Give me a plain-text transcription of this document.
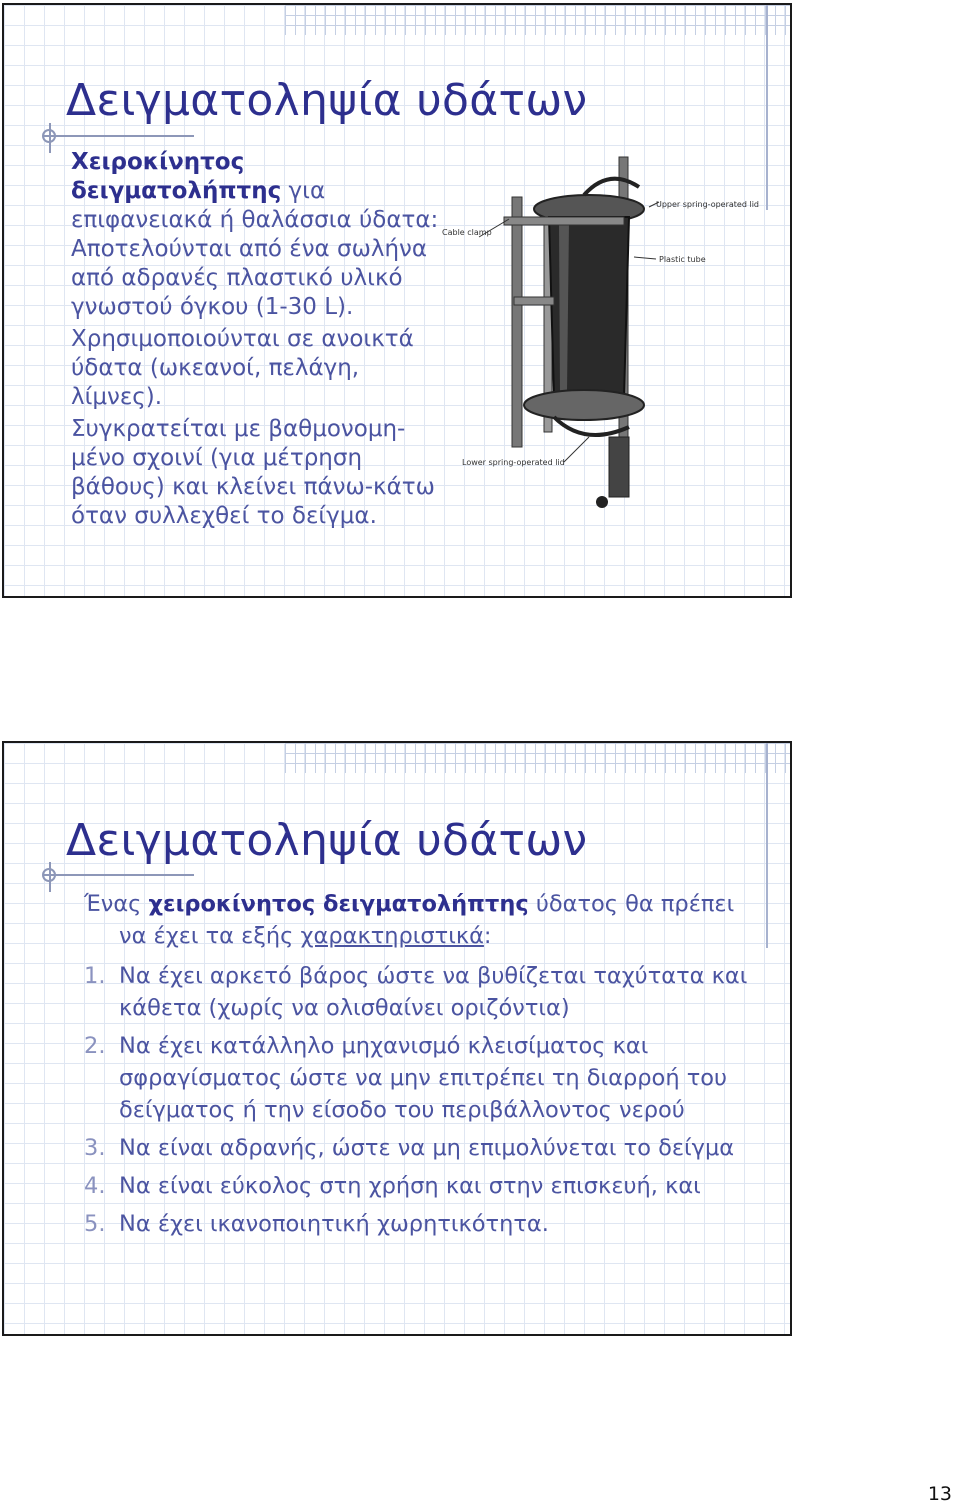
Δειγματοληψία υδάτων

Χειροκίνητος δειγματολήπτης για επιφανειακά ή θαλάσσια ύδατα: Αποτελούνται από ένα σωλήνα από αδρανές πλαστικό υλικό γνωστού όγκου (1-30 L).

Χρησιμοποιούνται σε ανοικτά ύδατα (ωκεανοί, πελάγη, λίμνες).

Συγκρατείται με βαθμονομη-μένο σχοινί (για μέτρηση βάθους) και κλείνει πάνω-κάτω όταν συλλεχθεί το δείγμα.

Cable clamp
Upper spring-operated lid
Plastic tube
Lower spring-operated lid
Δειγματοληψία υδάτων

Ένας χειροκίνητος δειγματολήπτης ύδατος θα πρέπει
να έχει τα εξής χαρακτηριστικά:

1. Να έχει αρκετό βάρος ώστε να βυθίζεται ταχύτατα και κάθετα (χωρίς να ολισθαίνει οριζόντια)
2. Να έχει κατάλληλο μηχανισμό κλεισίματος και σφραγίσματος ώστε να μην επιτρέπει τη διαρροή του δείγματος ή την είσοδο του περιβάλλοντος νερού
3. Να είναι αδρανής, ώστε να μη επιμολύνεται το δείγμα
4. Να είναι εύκολος στη χρήση και στην επισκευή, και
5. Να έχει ικανοποιητική χωρητικότητα.
13
